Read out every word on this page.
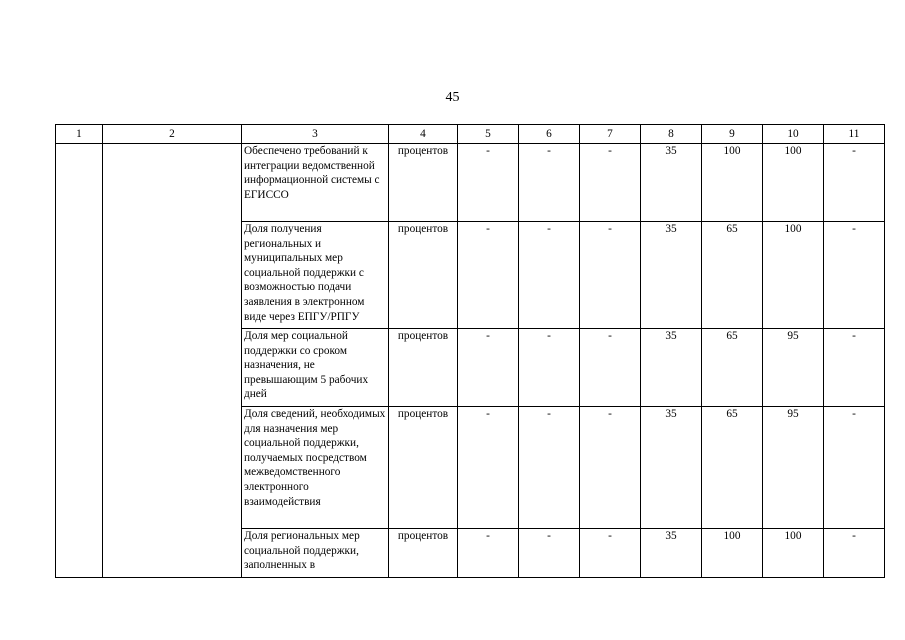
45
1	2	3	4	5	6	7	8	9	10	11
		Обеспечено требований к интеграции ведомственной информационной системы с ЕГИССО	процентов	-	-	-	35	100	100	-
		Доля получения региональных и муниципальных мер социальной поддержки с возможностью подачи заявления в электронном виде через ЕПГУ/РПГУ	процентов	-	-	-	35	65	100	-
		Доля мер социальной поддержки со сроком назначения, не превышающим 5 рабочих дней	процентов	-	-	-	35	65	95	-
		Доля сведений, необходимых для назначения мер социальной поддержки, получаемых посредством межведомственного электронного взаимодействия	процентов	-	-	-	35	65	95	-
		Доля региональных мер социальной поддержки, заполненных в	процентов	-	-	-	35	100	100	-
